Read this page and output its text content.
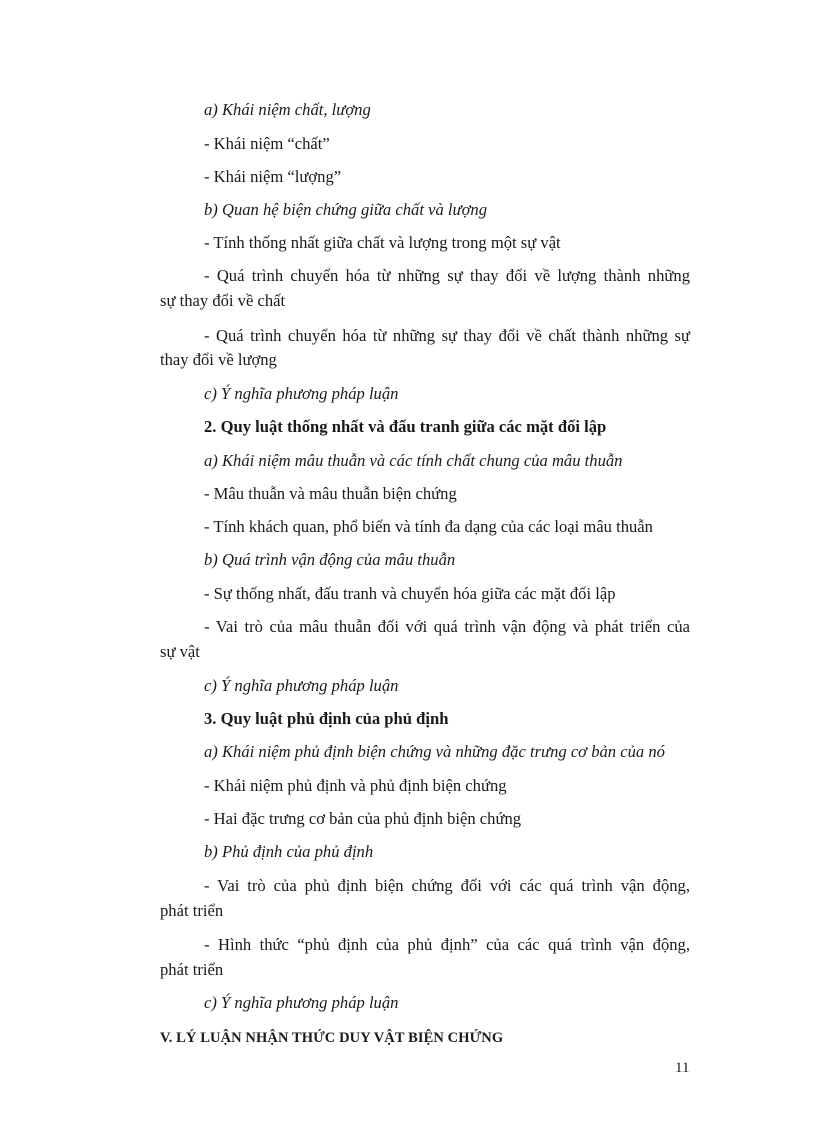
a) Khái niệm chất, lượng
- Khái niệm “chất”
- Khái niệm “lượng”
b) Quan hệ biện chứng giữa chất và lượng
- Tính thống nhất giữa chất và lượng trong một sự vật
- Quá trình chuyển hóa từ những sự thay đổi về lượng thành những
sự thay đổi về chất
- Quá trình chuyển hóa từ những sự thay đổi về chất thành những sự
thay đổi về lượng
c) Ý nghĩa phương pháp luận
2. Quy luật thống nhất và đấu tranh giữa các mặt đối lập
a) Khái niệm mâu thuẫn và các tính chất chung của mâu thuẫn
- Mâu thuẫn và mâu thuẫn biện chứng
- Tính khách quan, phổ biến và tính đa dạng của các loại mâu thuẫn
b) Quá trình vận động của mâu thuẫn
- Sự thống nhất, đấu tranh và chuyển hóa giữa các mặt đối lập
- Vai trò của mâu thuẫn đối với quá trình vận động và phát triển của
sự vật
c) Ý nghĩa phương pháp luận
3. Quy luật phủ định của phủ định
a) Khái niệm phủ định biện chứng và những đặc trưng cơ bản của nó
- Khái niệm phủ định và phủ định biện chứng
- Hai đặc trưng cơ bản của phủ định biện chứng
b) Phủ định của phủ định
- Vai trò của phủ định biện chứng đối với các quá trình vận động,
phát triển
- Hình thức “phủ định của phủ định” của các quá trình vận động,
phát triển
c) Ý nghĩa phương pháp luận
V. LÝ LUẬN NHẬN THỨC DUY VẬT BIỆN CHỨNG
11
